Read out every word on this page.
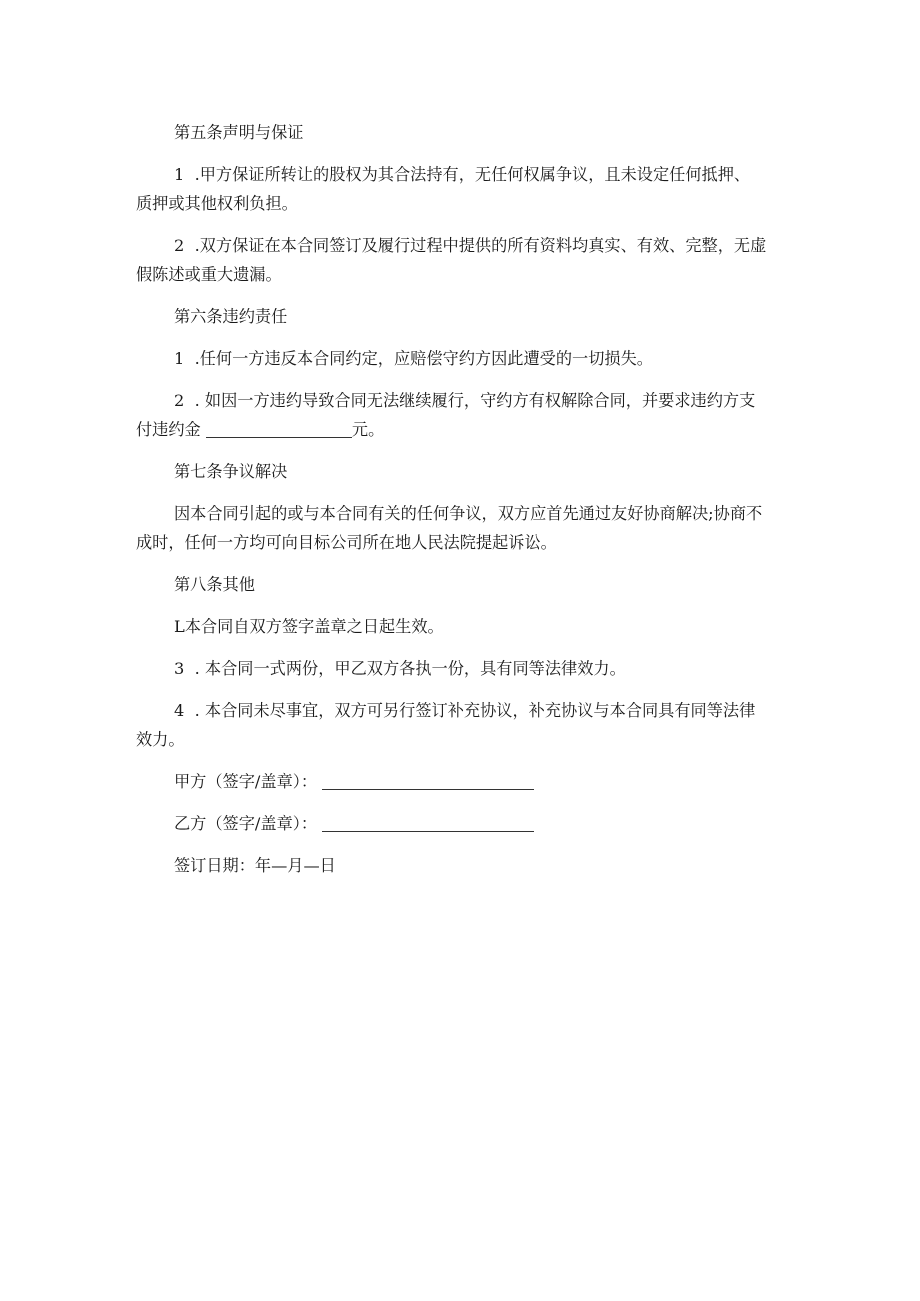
第五条声明与保证

1  .甲方保证所转让的股权为其合法持有，无任何权属争议，且未设定任何抵押、

质押或其他权利负担。

2  .双方保证在本合同签订及履行过程中提供的所有资料均真实、有效、完整，无虚

假陈述或重大遗漏。

第六条违约责任

1  .任何一方违反本合同约定，应赔偿守约方因此遭受的一切损失。

2  . 如因一方违约导致合同无法继续履行，守约方有权解除合同，并要求违约方支

付违约金	元。

第七条争议解决

因本合同引起的或与本合同有关的任何争议，双方应首先通过友好协商解决;协商不

成时，任何一方均可向目标公司所在地人民法院提起诉讼。

第八条其他

L本合同自双方签字盖章之日起生效。

3  . 本合同一式两份，甲乙双方各执一份，具有同等法律效力。

4  . 本合同未尽事宜，双方可另行签订补充协议，补充协议与本合同具有同等法律

效力。

甲方（签字/盖章）：

乙方（签字/盖章）：

签订日期：年—月—日
